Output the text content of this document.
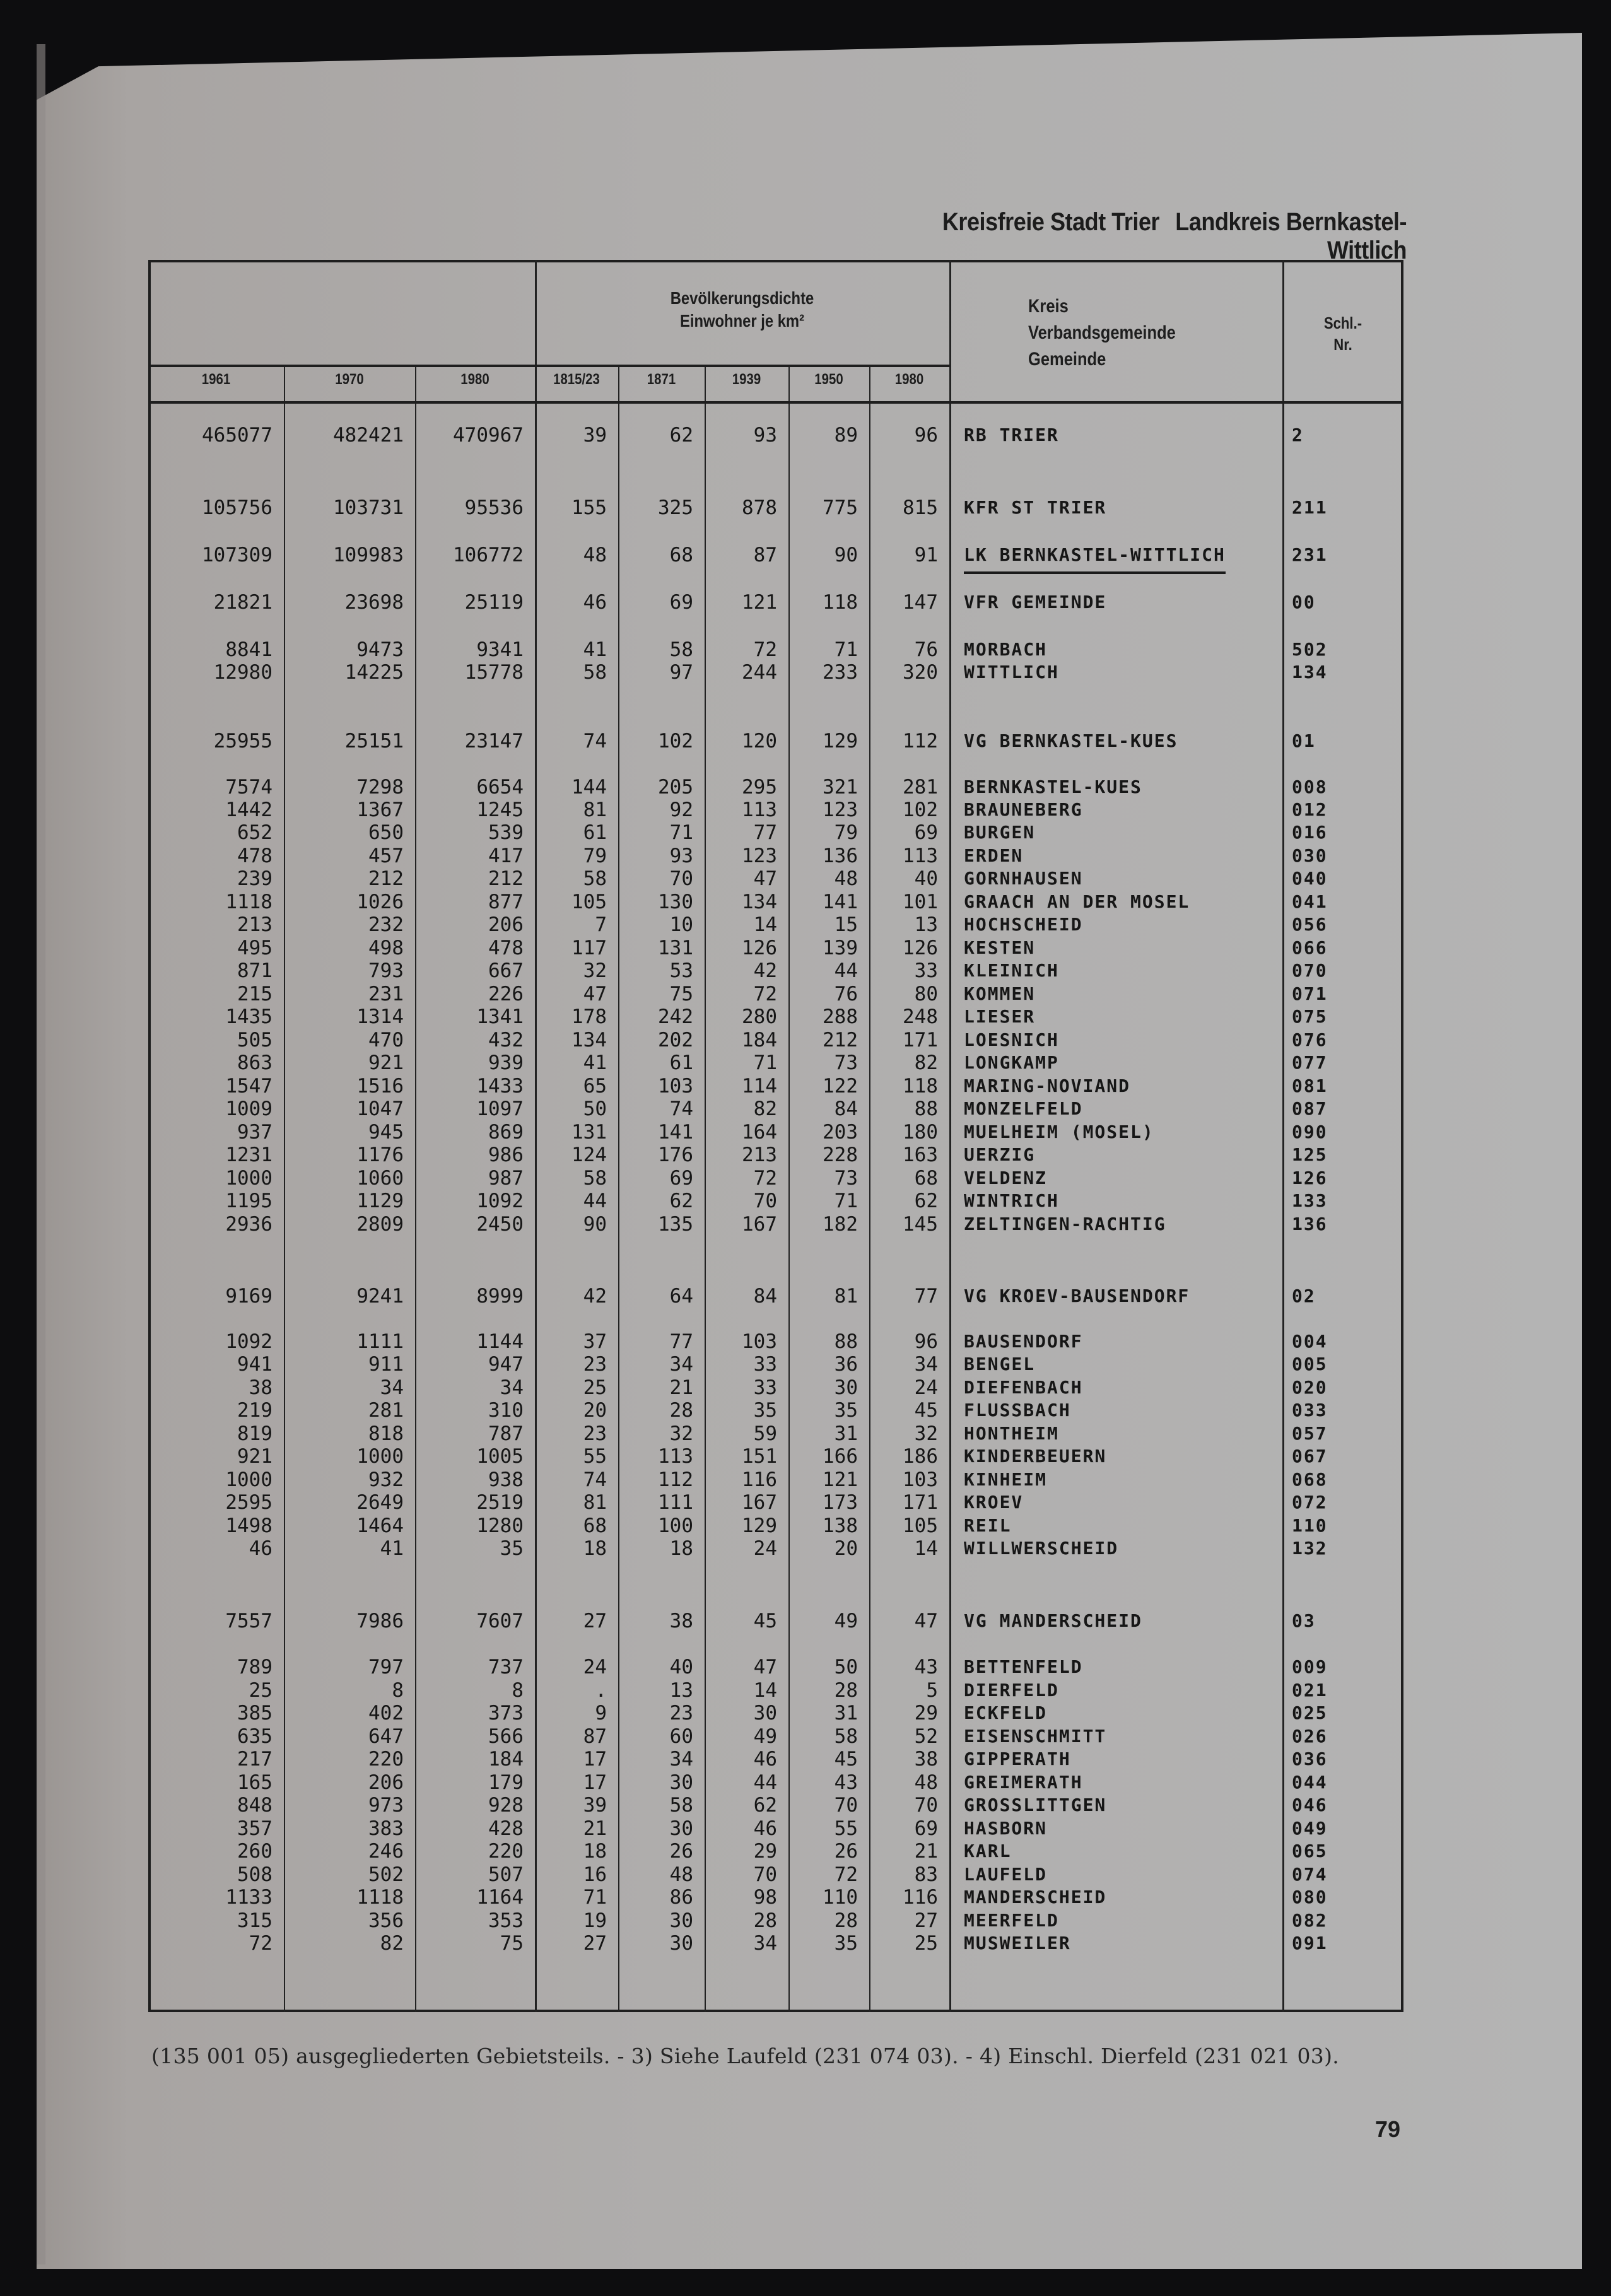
Kreisfreie Stadt Trier Landkreis Bernkastel-Wittlich
Bevölkerungsdichte
Einwohner je km²
Kreis
Verbandsgemeinde
Gemeinde
Schl.-
Nr.
1961	1970	1980	1815/23	1871	1939	1950	1980
465077	482421	470967	39	62	93	89	96 RB TRIER	2
105756	103731	95536	155	325	878	775	815 KFR ST TRIER	211
107309	109983	106772	48	68	87	90	91 LK BERNKASTEL-WITTLICH	231
21821	23698	25119	46	69	121	118	147 VFR GEMEINDE	00
8841	9473	9341	41	58	72	71	76 MORBACH	502
12980	14225	15778	58	97	244	233	320 WITTLICH	134
25955	25151	23147	74	102	120	129	112 VG BERNKASTEL-KUES	01
7574	7298	6654	144	205	295	321	281 BERNKASTEL-KUES	008
1442	1367	1245	81	92	113	123	102 BRAUNEBERG	012
652	650	539	61	71	77	79	69 BURGEN	016
478	457	417	79	93	123	136	113 ERDEN	030
239	212	212	58	70	47	48	40 GORNHAUSEN	040
1118	1026	877	105	130	134	141	101 GRAACH AN DER MOSEL	041
213	232	206	7	10	14	15	13 HOCHSCHEID	056
495	498	478	117	131	126	139	126 KESTEN	066
871	793	667	32	53	42	44	33 KLEINICH	070
215	231	226	47	75	72	76	80 KOMMEN	071
1435	1314	1341	178	242	280	288	248 LIESER	075
505	470	432	134	202	184	212	171 LOESNICH	076
863	921	939	41	61	71	73	82 LONGKAMP	077
1547	1516	1433	65	103	114	122	118 MARING-NOVIAND	081
1009	1047	1097	50	74	82	84	88 MONZELFELD	087
937	945	869	131	141	164	203	180 MUELHEIM (MOSEL)	090
1231	1176	986	124	176	213	228	163 UERZIG	125
1000	1060	987	58	69	72	73	68 VELDENZ	126
1195	1129	1092	44	62	70	71	62 WINTRICH	133
2936	2809	2450	90	135	167	182	145 ZELTINGEN-RACHTIG	136
9169	9241	8999	42	64	84	81	77 VG KROEV-BAUSENDORF	02
1092	1111	1144	37	77	103	88	96 BAUSENDORF	004
941	911	947	23	34	33	36	34 BENGEL	005
38	34	34	25	21	33	30	24 DIEFENBACH	020
219	281	310	20	28	35	35	45 FLUSSBACH	033
819	818	787	23	32	59	31	32 HONTHEIM	057
921	1000	1005	55	113	151	166	186 KINDERBEUERN	067
1000	932	938	74	112	116	121	103 KINHEIM	068
2595	2649	2519	81	111	167	173	171 KROEV	072
1498	1464	1280	68	100	129	138	105 REIL	110
46	41	35	18	18	24	20	14 WILLWERSCHEID	132
7557	7986	7607	27	38	45	49	47 VG MANDERSCHEID	03
789	797	737	24	40	47	50	43 BETTENFELD	009
25	8	8	.	13	14	28	5 DIERFELD	021
385	402	373	9	23	30	31	29 ECKFELD	025
635	647	566	87	60	49	58	52 EISENSCHMITT	026
217	220	184	17	34	46	45	38 GIPPERATH	036
165	206	179	17	30	44	43	48 GREIMERATH	044
848	973	928	39	58	62	70	70 GROSSLITTGEN	046
357	383	428	21	30	46	55	69 HASBORN	049
260	246	220	18	26	29	26	21 KARL	065
508	502	507	16	48	70	72	83 LAUFELD	074
1133	1118	1164	71	86	98	110	116 MANDERSCHEID	080
315	356	353	19	30	28	28	27 MEERFELD	082
72	82	75	27	30	34	35	25 MUSWEILER	091
(135 001 05) ausgegliederten Gebietsteils. - 3) Siehe Laufeld (231 074 03). - 4) Einschl. Dierfeld (231 021 03).
79
